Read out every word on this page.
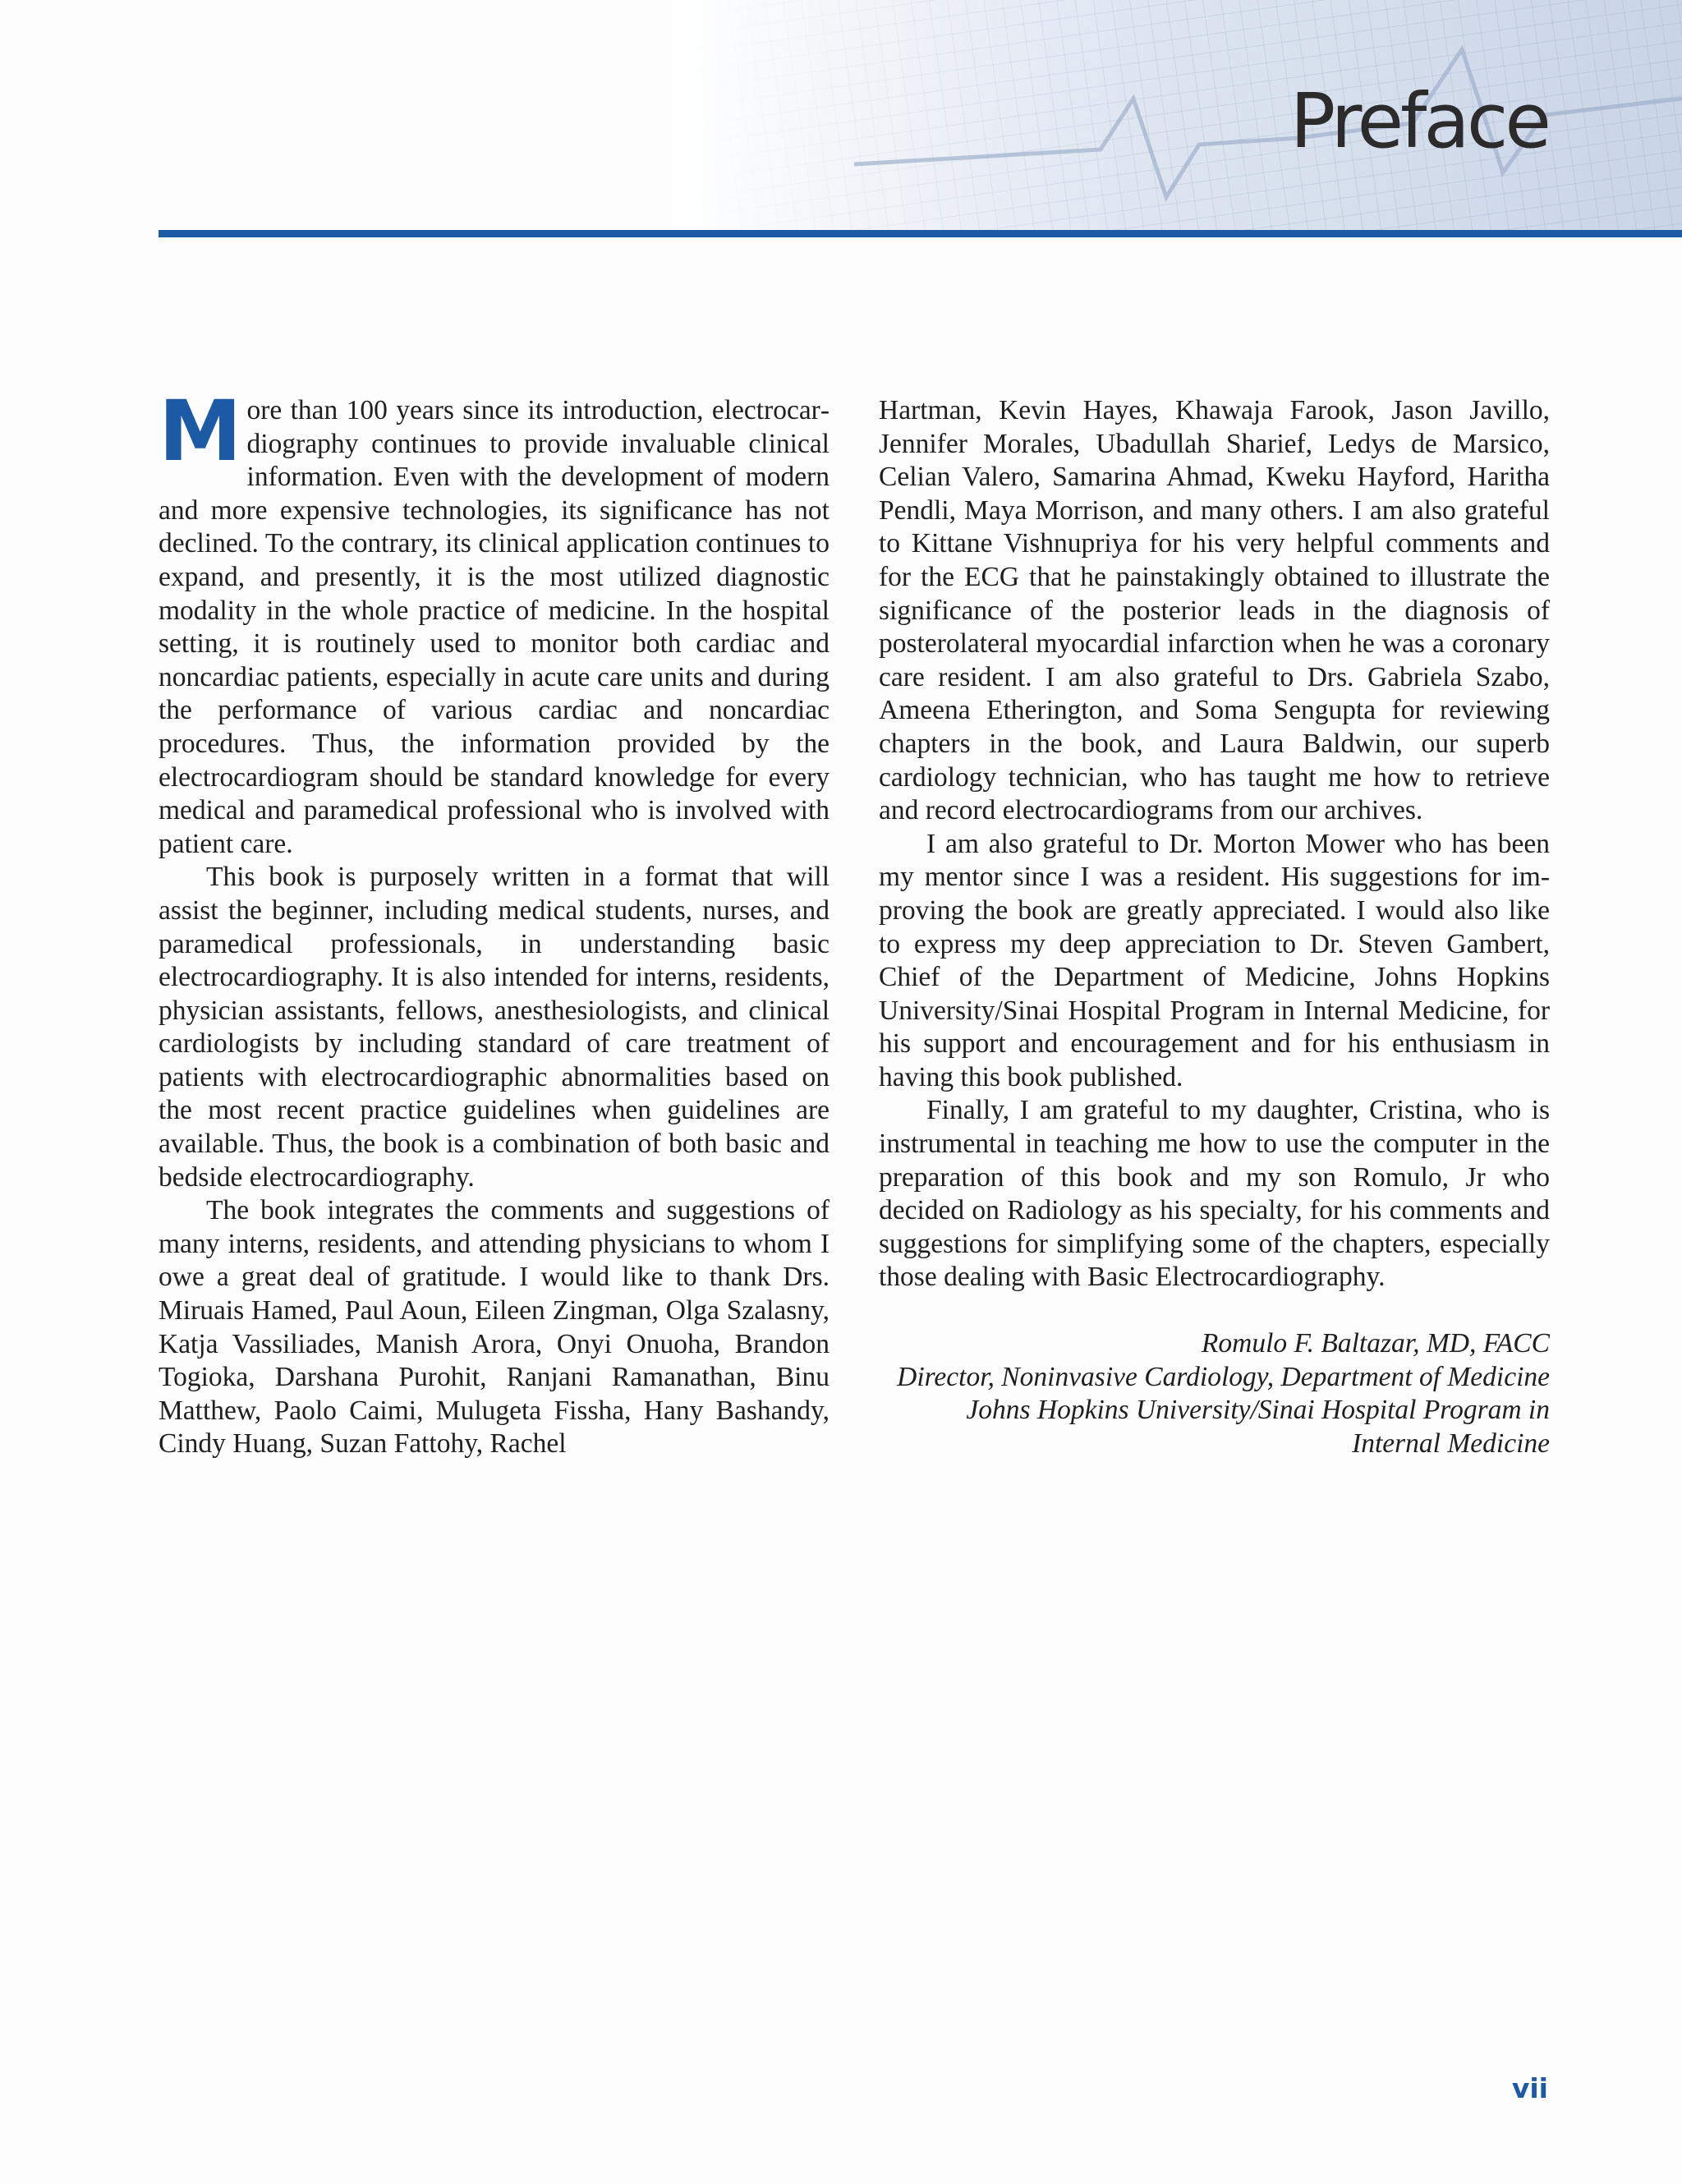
Preface

More than 100 years since its introduction, electrocardiography continues to provide invaluable clinical information. Even with the development of modern and more expensive technologies, its significance has not declined. To the contrary, its clinical application continues to expand, and presently, it is the most utilized diagnostic modality in the whole practice of medicine. In the hospital setting, it is routinely used to monitor both cardiac and noncardiac patients, especially in acute care units and during the performance of various cardiac and noncardiac procedures. Thus, the information provided by the electrocardiogram should be standard knowledge for every medical and paramedical professional who is involved with patient care.

This book is purposely written in a format that will assist the beginner, including medical students, nurses, and paramedical professionals, in understanding basic electrocardiography. It is also intended for interns, residents, physician assistants, fellows, anesthesiologists, and clinical cardiologists by including standard of care treatment of patients with electrocardiographic abnormalities based on the most recent practice guidelines when guidelines are available. Thus, the book is a combination of both basic and bedside electrocardiography.

The book integrates the comments and suggestions of many interns, residents, and attending physicians to whom I owe a great deal of gratitude. I would like to thank Drs. Miruais Hamed, Paul Aoun, Eileen Zingman, Olga Szalasny, Katja Vassiliades, Manish Arora, Onyi Onuoha, Brandon Togioka, Darshana Purohit, Ranjani Ramanathan, Binu Matthew, Paolo Caimi, Mulugeta Fissha, Hany Bashandy, Cindy Huang, Suzan Fattohy, Rachel

Hartman, Kevin Hayes, Khawaja Farook, Jason Javillo, Jennifer Morales, Ubadullah Sharief, Ledys de Marsico, Celian Valero, Samarina Ahmad, Kweku Hayford, Haritha Pendli, Maya Morrison, and many others. I am also grateful to Kittane Vishnupriya for his very helpful comments and for the ECG that he painstakingly obtained to illustrate the significance of the posterior leads in the diagnosis of posterolateral myocardial infarction when he was a coronary care resident. I am also grateful to Drs. Gabriela Szabo, Ameena Etherington, and Soma Sengupta for reviewing chapters in the book, and Laura Baldwin, our superb cardiology technician, who has taught me how to retrieve and record electrocardiograms from our archives.

I am also grateful to Dr. Morton Mower who has been my mentor since I was a resident. His suggestions for improving the book are greatly appreciated. I would also like to express my deep appreciation to Dr. Steven Gambert, Chief of the Department of Medicine, Johns Hopkins University/Sinai Hospital Program in Internal Medicine, for his support and encouragement and for his enthusiasm in having this book published.

Finally, I am grateful to my daughter, Cristina, who is instrumental in teaching me how to use the computer in the preparation of this book and my son Romulo, Jr who decided on Radiology as his specialty, for his comments and suggestions for simplifying some of the chapters, especially those dealing with Basic Electrocardiography.

Romulo F. Baltazar, MD, FACC
Director, Noninvasive Cardiology, Department of Medicine
Johns Hopkins University/Sinai Hospital Program in
Internal Medicine
vii
